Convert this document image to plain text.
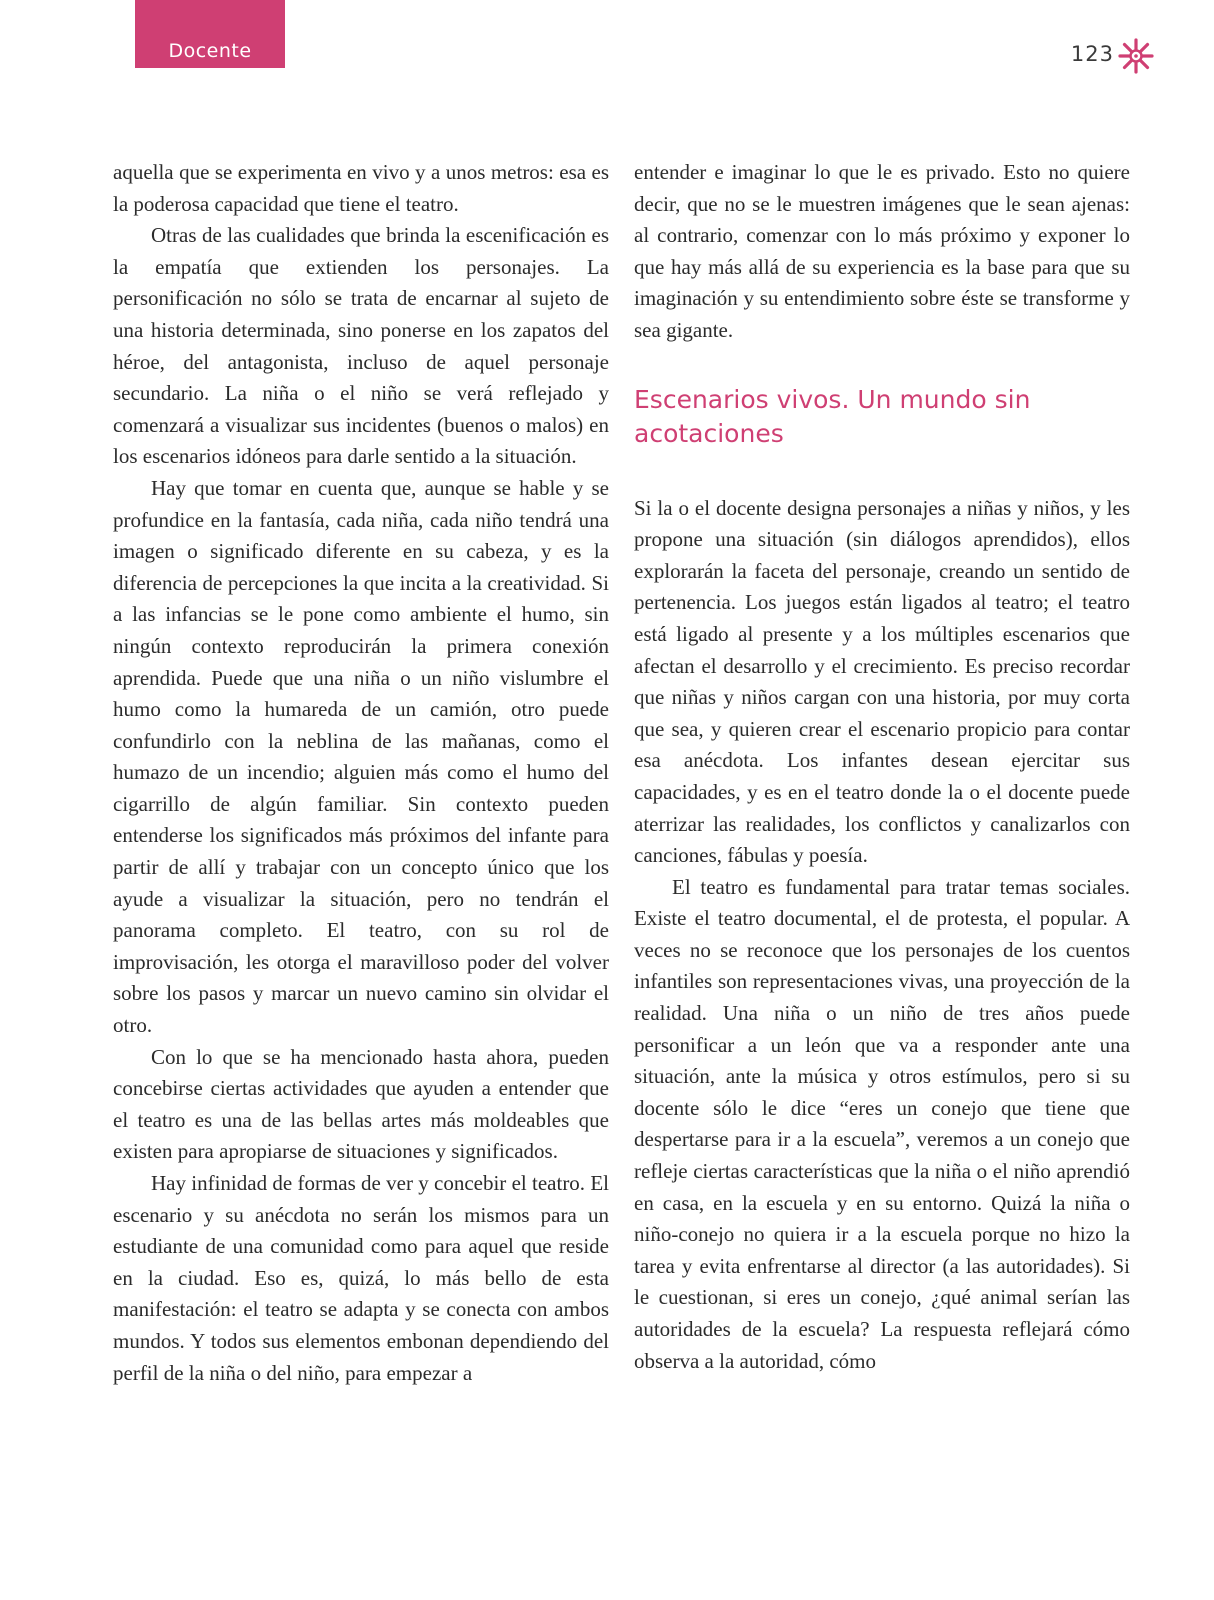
Docente	123

aquella que se experimenta en vivo y a unos metros: esa es la poderosa capacidad que tiene el teatro.

Otras de las cualidades que brinda la escenificación es la empatía que extienden los personajes. La personificación no sólo se trata de encarnar al sujeto de una historia determinada, sino ponerse en los zapatos del héroe, del antagonista, incluso de aquel personaje secundario. La niña o el niño se verá reflejado y comenzará a visualizar sus incidentes (buenos o malos) en los escenarios idóneos para darle sentido a la situación.

Hay que tomar en cuenta que, aunque se hable y se profundice en la fantasía, cada niña, cada niño tendrá una imagen o significado diferente en su cabeza, y es la diferencia de percepciones la que incita a la creatividad. Si a las infancias se le pone como ambiente el humo, sin ningún contexto reproducirán la primera conexión aprendida. Puede que una niña o un niño vislumbre el humo como la humareda de un camión, otro puede confundirlo con la neblina de las mañanas, como el humazo de un incendio; alguien más como el humo del cigarrillo de algún familiar. Sin contexto pueden entenderse los significados más próximos del infante para partir de allí y trabajar con un concepto único que los ayude a visualizar la situación, pero no tendrán el panorama completo. El teatro, con su rol de improvisación, les otorga el maravilloso poder del volver sobre los pasos y marcar un nuevo camino sin olvidar el otro.

Con lo que se ha mencionado hasta ahora, pueden concebirse ciertas actividades que ayuden a entender que el teatro es una de las bellas artes más moldeables que existen para apropiarse de situaciones y significados.

Hay infinidad de formas de ver y concebir el teatro. El escenario y su anécdota no serán los mismos para un estudiante de una comunidad como para aquel que reside en la ciudad. Eso es, quizá, lo más bello de esta manifestación: el teatro se adapta y se conecta con ambos mundos. Y todos sus elementos embonan dependiendo del perfil de la niña o del niño, para empezar a

entender e imaginar lo que le es privado. Esto no quiere decir, que no se le muestren imágenes que le sean ajenas: al contrario, comenzar con lo más próximo y exponer lo que hay más allá de su experiencia es la base para que su imaginación y su entendimiento sobre éste se transforme y sea gigante.

Escenarios vivos. Un mundo sin
acotaciones

Si la o el docente designa personajes a niñas y niños, y les propone una situación (sin diálogos aprendidos), ellos explorarán la faceta del personaje, creando un sentido de pertenencia. Los juegos están ligados al teatro; el teatro está ligado al presente y a los múltiples escenarios que afectan el desarrollo y el crecimiento. Es preciso recordar que niñas y niños cargan con una historia, por muy corta que sea, y quieren crear el escenario propicio para contar esa anécdota. Los infantes desean ejercitar sus capacidades, y es en el teatro donde la o el docente puede aterrizar las realidades, los conflictos y canalizarlos con canciones, fábulas y poesía.

El teatro es fundamental para tratar temas sociales. Existe el teatro documental, el de protesta, el popular. A veces no se reconoce que los personajes de los cuentos infantiles son representaciones vivas, una proyección de la realidad. Una niña o un niño de tres años puede personificar a un león que va a responder ante una situación, ante la música y otros estímulos, pero si su docente sólo le dice “eres un conejo que tiene que despertarse para ir a la escuela”, veremos a un conejo que refleje ciertas características que la niña o el niño aprendió en casa, en la escuela y en su entorno. Quizá la niña o niño-conejo no quiera ir a la escuela porque no hizo la tarea y evita enfrentarse al director (a las autoridades). Si le cuestionan, si eres un conejo, ¿qué animal serían las autoridades de la escuela? La respuesta reflejará cómo observa a la autoridad, cómo
